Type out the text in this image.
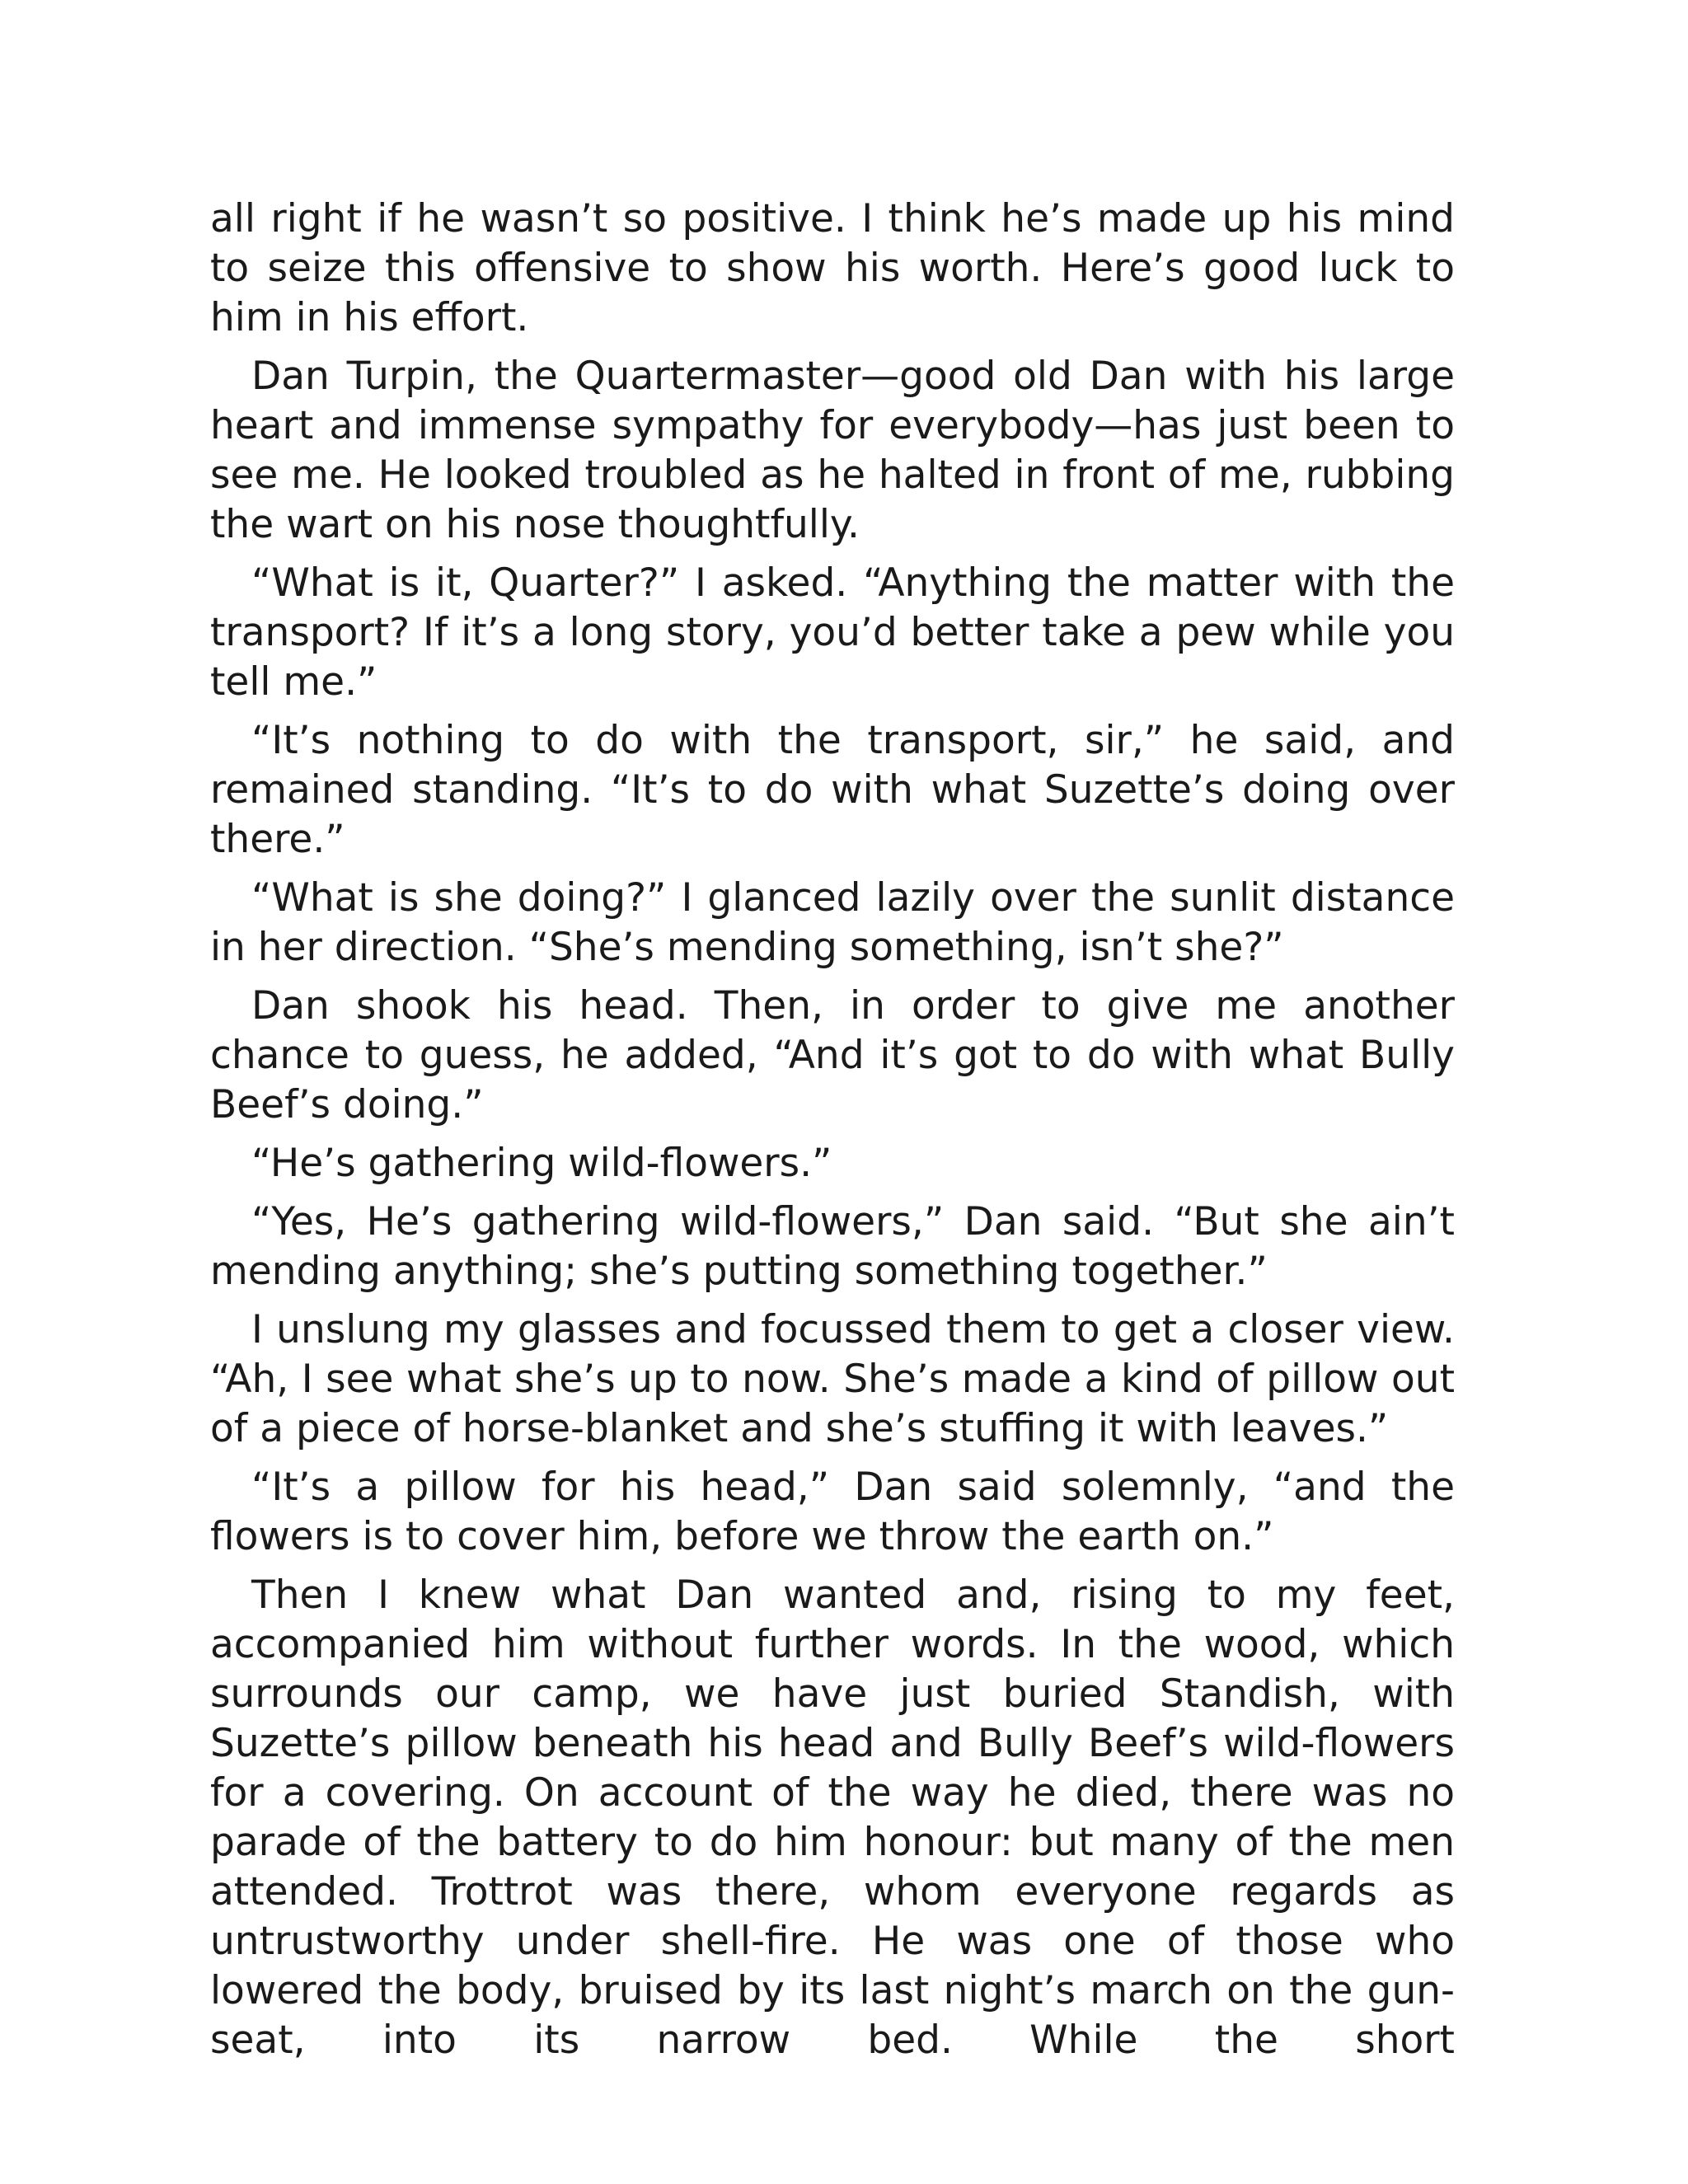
all right if he wasn’t so positive. I think he’s made up his mind to seize this offensive to show his worth. Here’s good luck to him in his effort.

Dan Turpin, the Quartermaster—good old Dan with his large heart and immense sympathy for everybody—has just been to see me. He looked troubled as he halted in front of me, rubbing the wart on his nose thoughtfully.

“What is it, Quarter?” I asked. “Anything the matter with the transport? If it’s a long story, you’d better take a pew while you tell me.”

“It’s nothing to do with the transport, sir,” he said, and remained standing. “It’s to do with what Suzette’s doing over there.”

“What is she doing?” I glanced lazily over the sunlit distance in her direction. “She’s mending something, isn’t she?”

Dan shook his head. Then, in order to give me another chance to guess, he added, “And it’s got to do with what Bully Beef’s doing.”

“He’s gathering wild-flowers.”

“Yes, He’s gathering wild-flowers,” Dan said. “But she ain’t mending anything; she’s putting something together.”

I unslung my glasses and focussed them to get a closer view. “Ah, I see what she’s up to now. She’s made a kind of pillow out of a piece of horse-blanket and she’s stuffing it with leaves.”

“It’s a pillow for his head,” Dan said solemnly, “and the flowers is to cover him, before we throw the earth on.”

Then I knew what Dan wanted and, rising to my feet, accompanied him without further words. In the wood, which surrounds our camp, we have just buried Standish, with Suzette’s pillow beneath his head and Bully Beef’s wild-flowers for a covering. On account of the way he died, there was no parade of the battery to do him honour: but many of the men attended. Trottrot was there, whom everyone regards as untrustworthy under shell-fire. He was one of those who lowered the body, bruised by its last night’s march on the gun-seat, into its narrow bed. While the short
